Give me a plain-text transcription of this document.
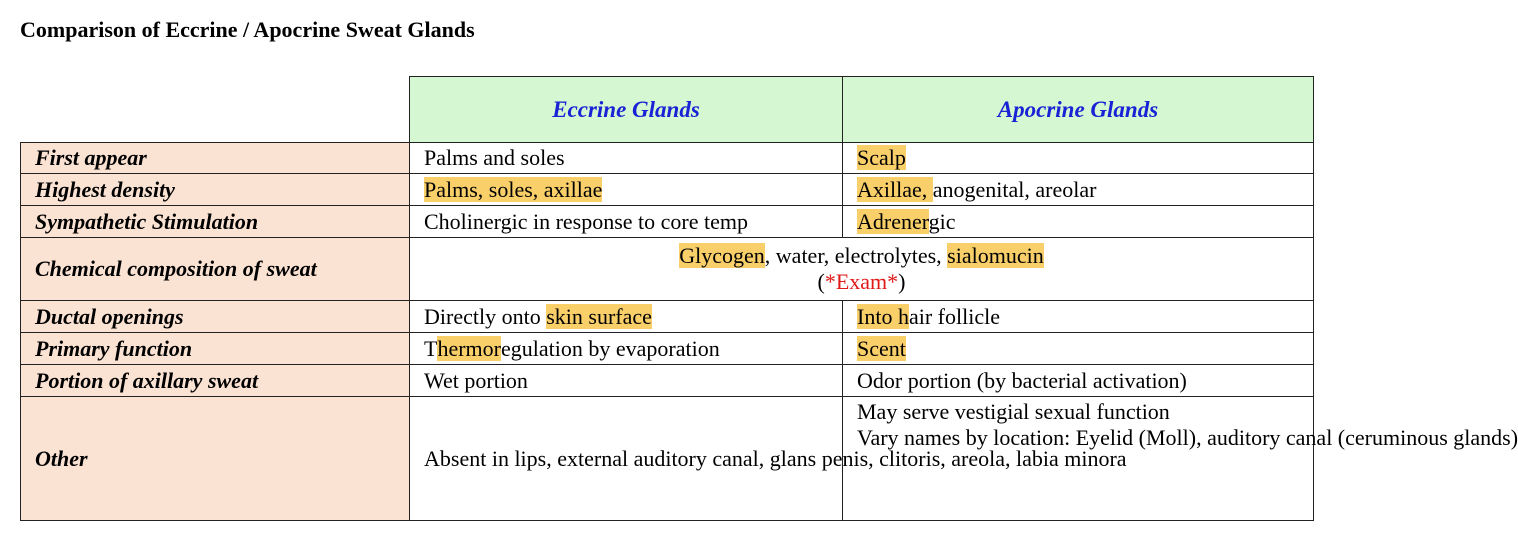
Comparison of Eccrine / Apocrine Sweat Glands
	Eccrine Glands	Apocrine Glands
First appear	Palms and soles	Scalp
Highest density	Palms, soles, axillae	Axillae, anogenital, areolar
Sympathetic Stimulation	Cholinergic in response to core temp	Adrenergic
Chemical composition of sweat	Glycogen, water, electrolytes, sialomucin
(*Exam*)	

Ductal openings	Directly onto skin surface	Into hair follicle
Primary function	Thermoregulation by evaporation	Scent
Portion of axillary sweat	Wet portion	Odor portion (by bacterial activation)
Other	Absent in lips, external auditory canal, glans penis, clitoris, areola, labia minora	May serve vestigial sexual function
Vary names by location: Eyelid (Moll), auditory canal (ceruminous glands)
